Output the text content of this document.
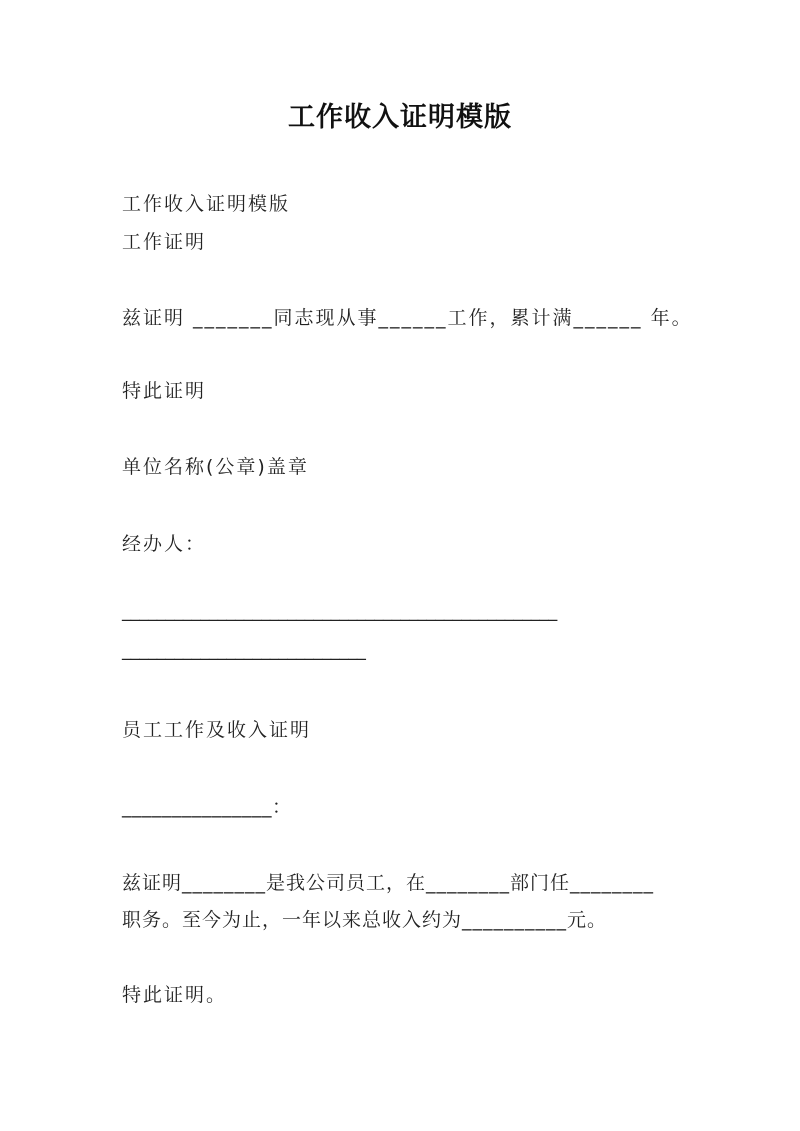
工作收入证明模版
工作收入证明模版
工作证明
兹证明 _______同志现从事______工作，累计满______ 年。
特此证明
单位名称(公章)盖章
经办人：
__________________________________________________
____________________________
员工工作及收入证明
_______________：
兹证明________是我公司员工，在________部门任________
职务。至今为止，一年以来总收入约为__________元。
特此证明。
